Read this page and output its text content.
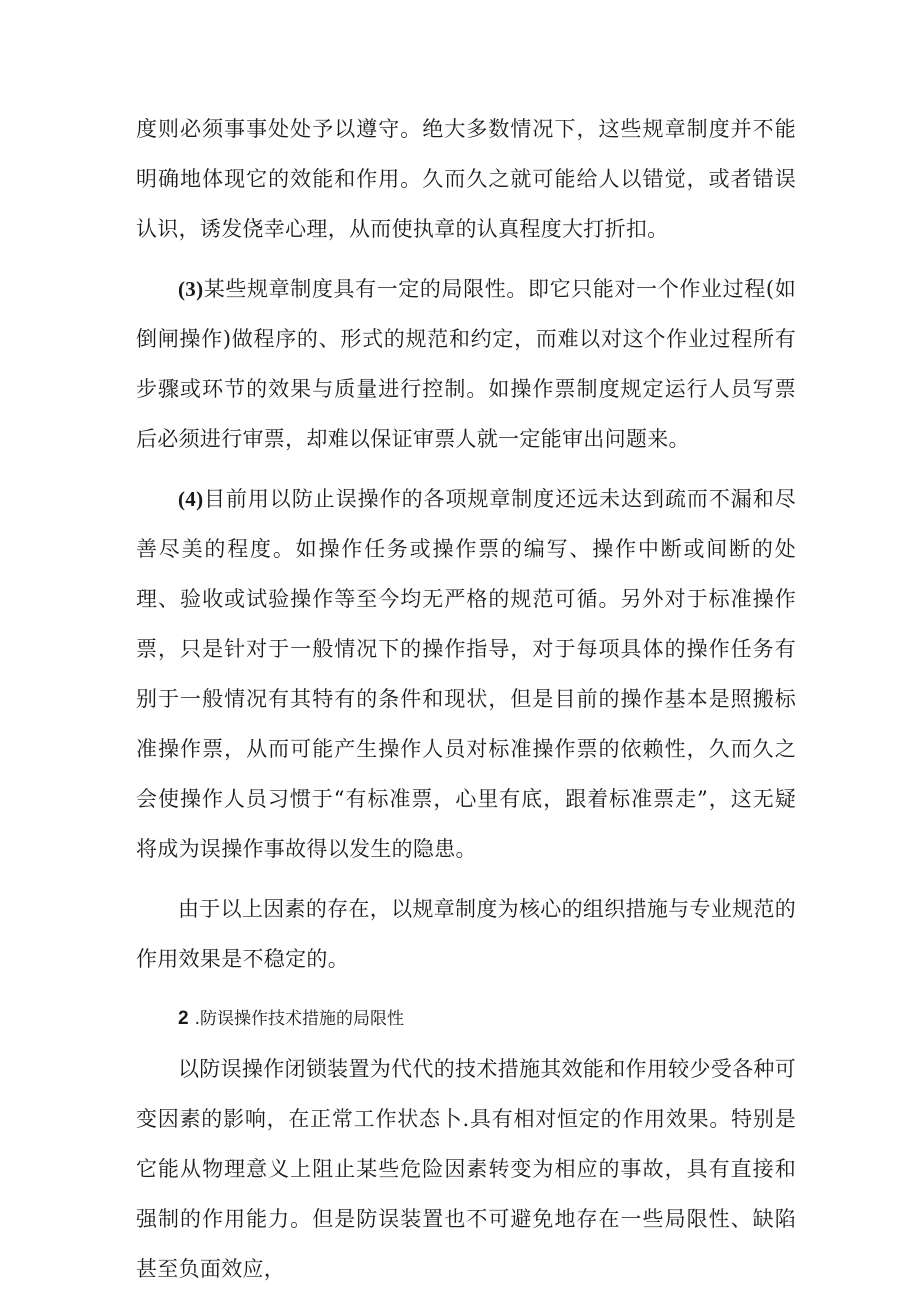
度则必须事事处处予以遵守。绝大多数情况下，这些规章制度并不能明确地体现它的效能和作用。久而久之就可能给人以错觉，或者错误认识，诱发侥幸心理，从而使执章的认真程度大打折扣。

(3)某些规章制度具有一定的局限性。即它只能对一个作业过程(如倒闸操作)做程序的、形式的规范和约定，而难以对这个作业过程所有步骤或环节的效果与质量进行控制。如操作票制度规定运行人员写票后必须进行审票，却难以保证审票人就一定能审出问题来。

(4)目前用以防止误操作的各项规章制度还远未达到疏而不漏和尽善尽美的程度。如操作任务或操作票的编写、操作中断或间断的处理、验收或试验操作等至今均无严格的规范可循。另外对于标准操作票，只是针对于一般情况下的操作指导，对于每项具体的操作任务有别于一般情况有其特有的条件和现状，但是目前的操作基本是照搬标准操作票，从而可能产生操作人员对标准操作票的依赖性，久而久之会使操作人员习惯于“有标准票，心里有底，跟着标准票走”，这无疑将成为误操作事故得以发生的隐患。

由于以上因素的存在，以规章制度为核心的组织措施与专业规范的作用效果是不稳定的。

2 .防误操作技术措施的局限性

以防误操作闭锁装置为代代的技术措施其效能和作用较少受各种可变因素的影响，在正常工作状态卜.具有相对恒定的作用效果。特别是它能从物理意义上阻止某些危险因素转变为相应的事故，具有直接和强制的作用能力。但是防误装置也不可避免地存在一些局限性、缺陷甚至负面效应，
